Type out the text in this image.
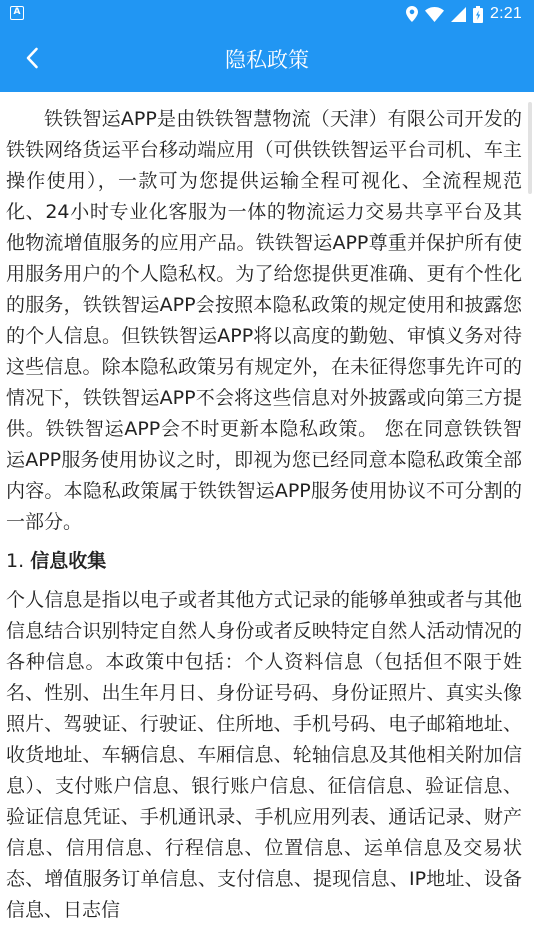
A	2:21
隐私政策

铁铁智运APP是由铁铁智慧物流（天津）有限公司开发的铁铁网络货运平台移动端应用（可供铁铁智运平台司机、车主操作使用），一款可为您提供运输全程可视化、全流程规范化、24小时专业化客服为一体的物流运力交易共享平台及其他物流增值服务的应用产品。铁铁智运APP尊重并保护所有使用服务用户的个人隐私权。为了给您提供更准确、更有个性化的服务，铁铁智运APP会按照本隐私政策的规定使用和披露您的个人信息。但铁铁智运APP将以高度的勤勉、审慎义务对待这些信息。除本隐私政策另有规定外，在未征得您事先许可的情况下，铁铁智运APP不会将这些信息对外披露或向第三方提供。铁铁智运APP会不时更新本隐私政策。 您在同意铁铁智运APP服务使用协议之时，即视为您已经同意本隐私政策全部内容。本隐私政策属于铁铁智运APP服务使用协议不可分割的一部分。

1. 信息收集

个人信息是指以电子或者其他方式记录的能够单独或者与其他信息结合识别特定自然人身份或者反映特定自然人活动情况的各种信息。本政策中包括：个人资料信息（包括但不限于姓名、性别、出生年月日、身份证号码、身份证照片、真实头像照片、驾驶证、行驶证、住所地、手机号码、电子邮箱地址、收货地址、车辆信息、车厢信息、轮轴信息及其他相关附加信息）、支付账户信息、银行账户信息、征信信息、验证信息、验证信息凭证、手机通讯录、手机应用列表、通话记录、财产信息、信用信息、行程信息、位置信息、运单信息及交易状态、增值服务订单信息、支付信息、提现信息、IP地址、设备信息、日志信
